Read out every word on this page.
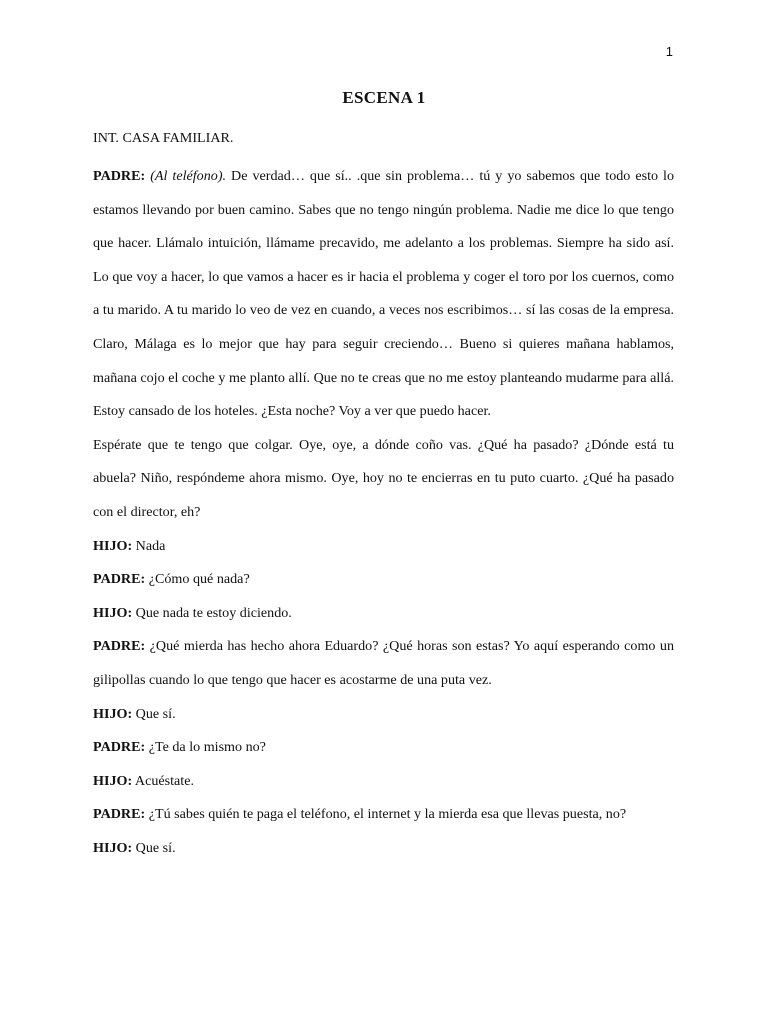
1
ESCENA 1

INT. CASA FAMILIAR.

PADRE: (Al teléfono). De verdad… que sí.. .que sin problema… tú y yo sabemos que todo esto lo estamos llevando por buen camino. Sabes que no tengo ningún problema. Nadie me dice lo que tengo que hacer. Llámalo intuición, llámame precavido, me adelanto a los problemas. Siempre ha sido así. Lo que voy a hacer, lo que vamos a hacer es ir hacia el problema y coger el toro por los cuernos, como a tu marido. A tu marido lo veo de vez en cuando, a veces nos escribimos… sí las cosas de la empresa. Claro, Málaga es lo mejor que hay para seguir creciendo… Bueno si quieres mañana hablamos, mañana cojo el coche y me planto allí. Que no te creas que no me estoy planteando mudarme para allá. Estoy cansado de los hoteles. ¿Esta noche? Voy a ver que puedo hacer.

Espérate que te tengo que colgar. Oye, oye, a dónde coño vas. ¿Qué ha pasado? ¿Dónde está tu abuela? Niño, respóndeme ahora mismo. Oye, hoy no te encierras en tu puto cuarto. ¿Qué ha pasado con el director, eh?

HIJO: Nada

PADRE: ¿Cómo qué nada?

HIJO: Que nada te estoy diciendo.

PADRE: ¿Qué mierda has hecho ahora Eduardo? ¿Qué horas son estas? Yo aquí esperando como un gilipollas cuando lo que tengo que hacer es acostarme de una puta vez.

HIJO: Que sí.

PADRE: ¿Te da lo mismo no?

HIJO: Acuéstate.

PADRE: ¿Tú sabes quién te paga el teléfono, el internet y la mierda esa que llevas puesta, no?

HIJO: Que sí.
